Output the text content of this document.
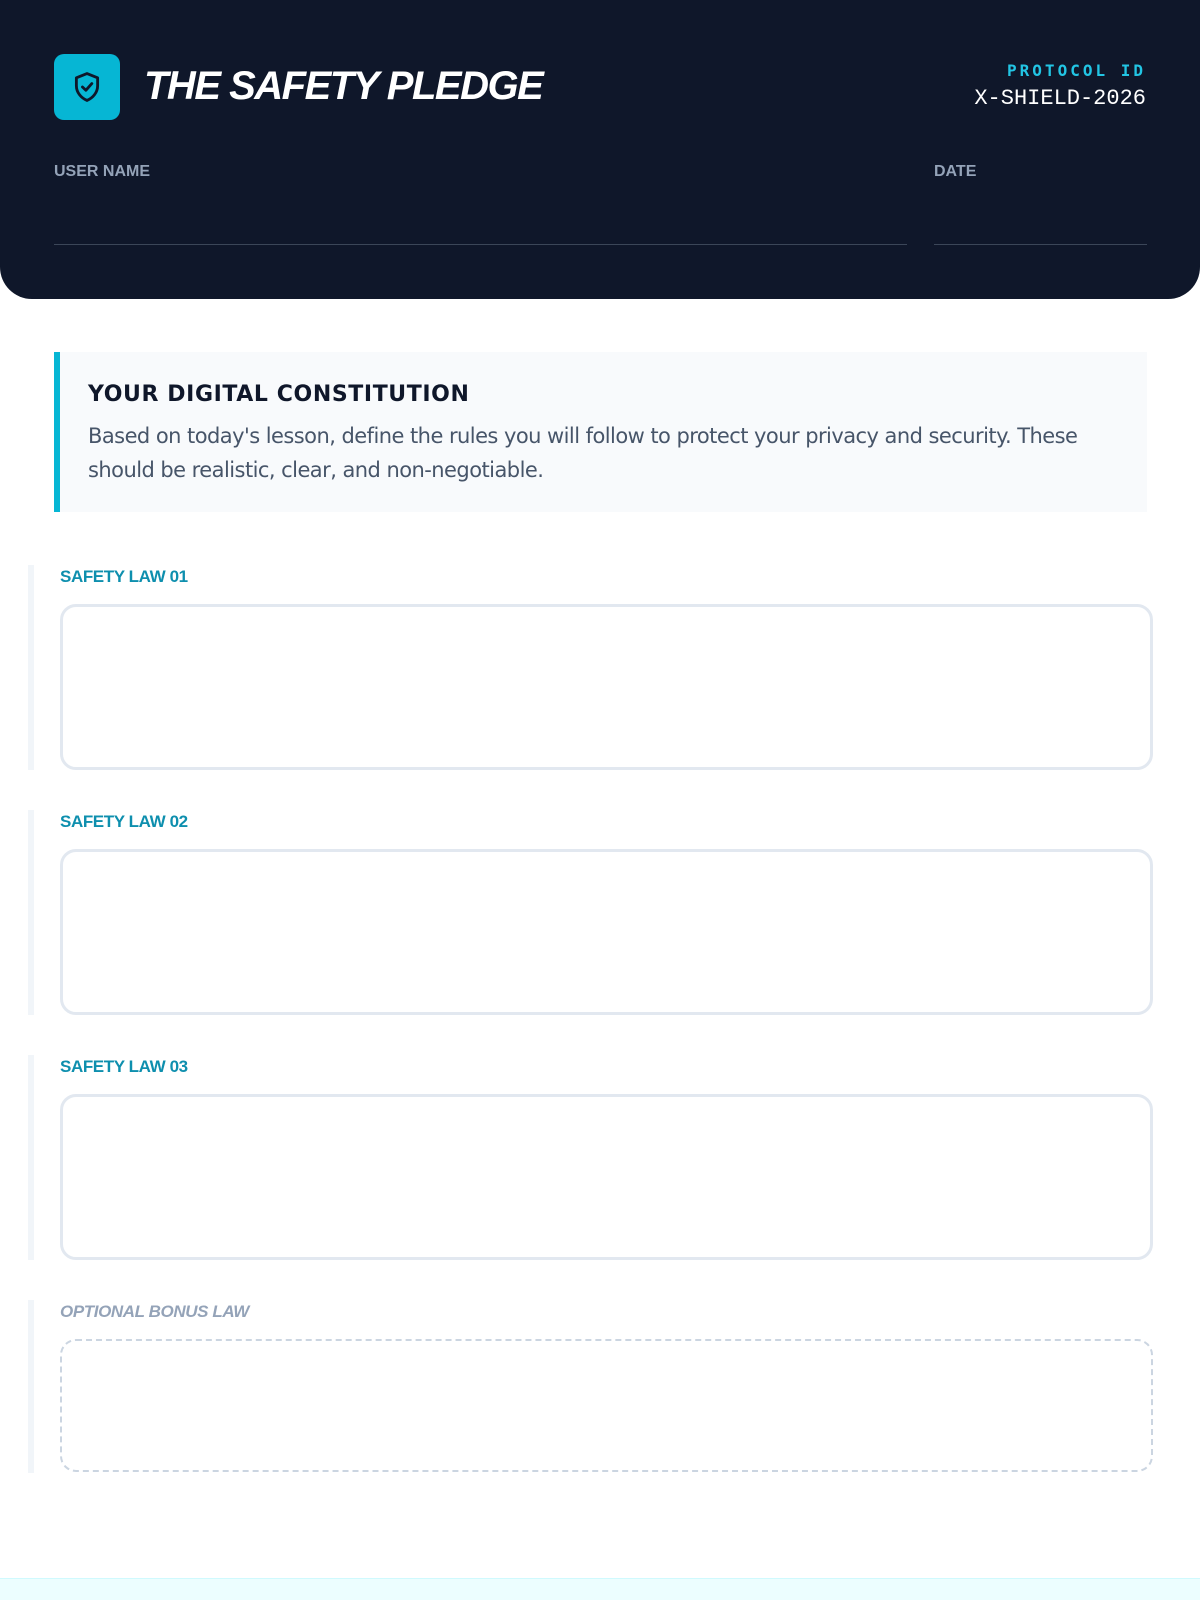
THE SAFETY PLEDGE	PROTOCOL ID
X-SHIELD-2026
USER NAME	DATE
YOUR DIGITAL CONSTITUTION

Based on today's lesson, define the rules you will follow to protect your privacy and security. These should be realistic, clear, and non-negotiable.

SAFETY LAW 01
SAFETY LAW 02
SAFETY LAW 03
OPTIONAL BONUS LAW
